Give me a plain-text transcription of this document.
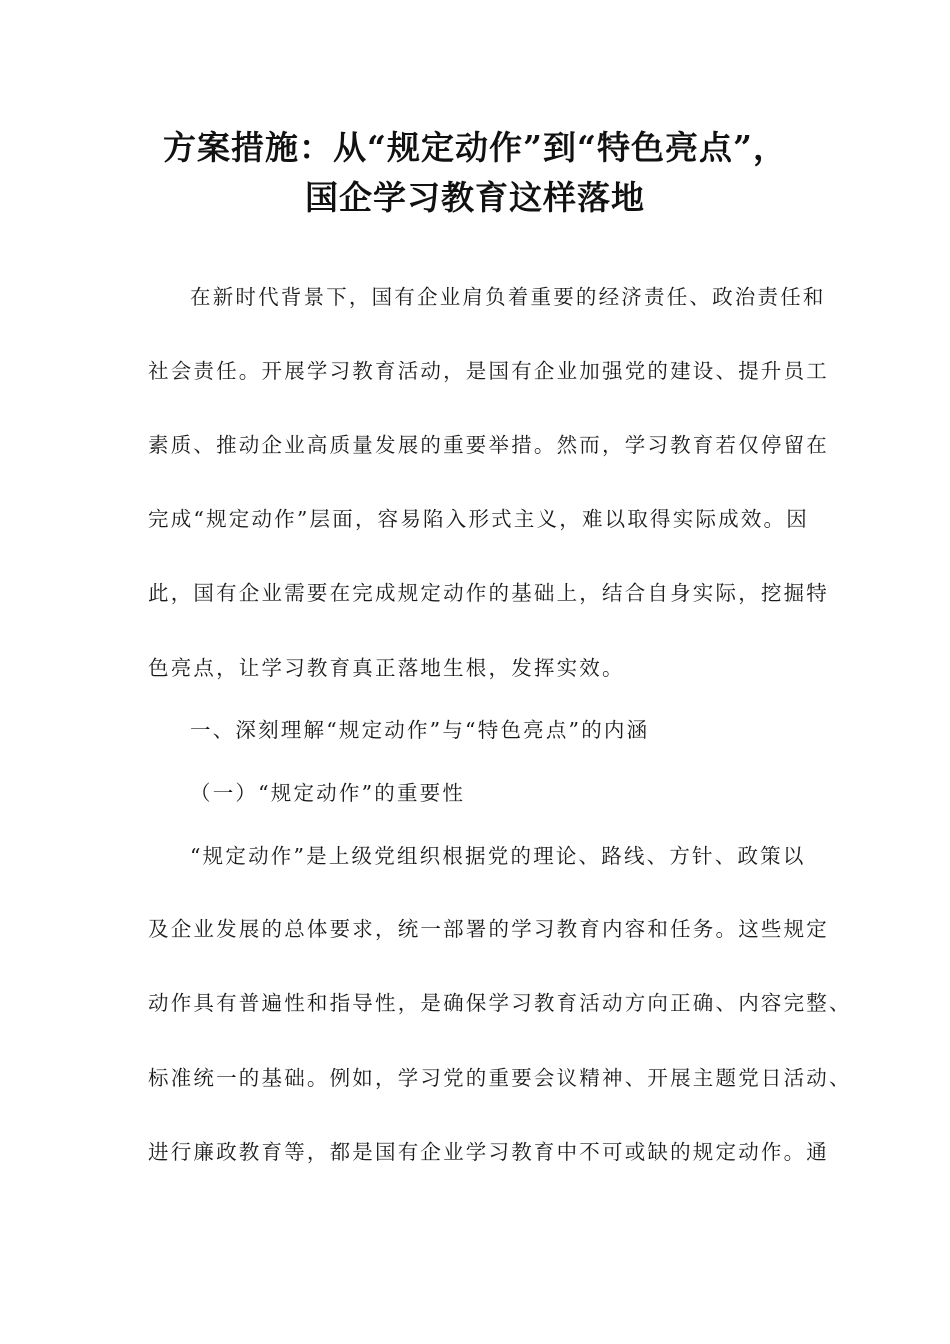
方案措施：从“规定动作”到“特色亮点”，
国企学习教育这样落地

在新时代背景下，国有企业肩负着重要的经济责任、政治责任和

社会责任。开展学习教育活动，是国有企业加强党的建设、提升员工

素质、推动企业高质量发展的重要举措。然而，学习教育若仅停留在

完成“规定动作”层面，容易陷入形式主义，难以取得实际成效。因

此，国有企业需要在完成规定动作的基础上，结合自身实际，挖掘特

色亮点，让学习教育真正落地生根，发挥实效。

一、深刻理解“规定动作”与“特色亮点”的内涵

（一）“规定动作”的重要性

“规定动作”是上级党组织根据党的理论、路线、方针、政策以

及企业发展的总体要求，统一部署的学习教育内容和任务。这些规定

动作具有普遍性和指导性，是确保学习教育活动方向正确、内容完整、

标准统一的基础。例如，学习党的重要会议精神、开展主题党日活动、

进行廉政教育等，都是国有企业学习教育中不可或缺的规定动作。通
